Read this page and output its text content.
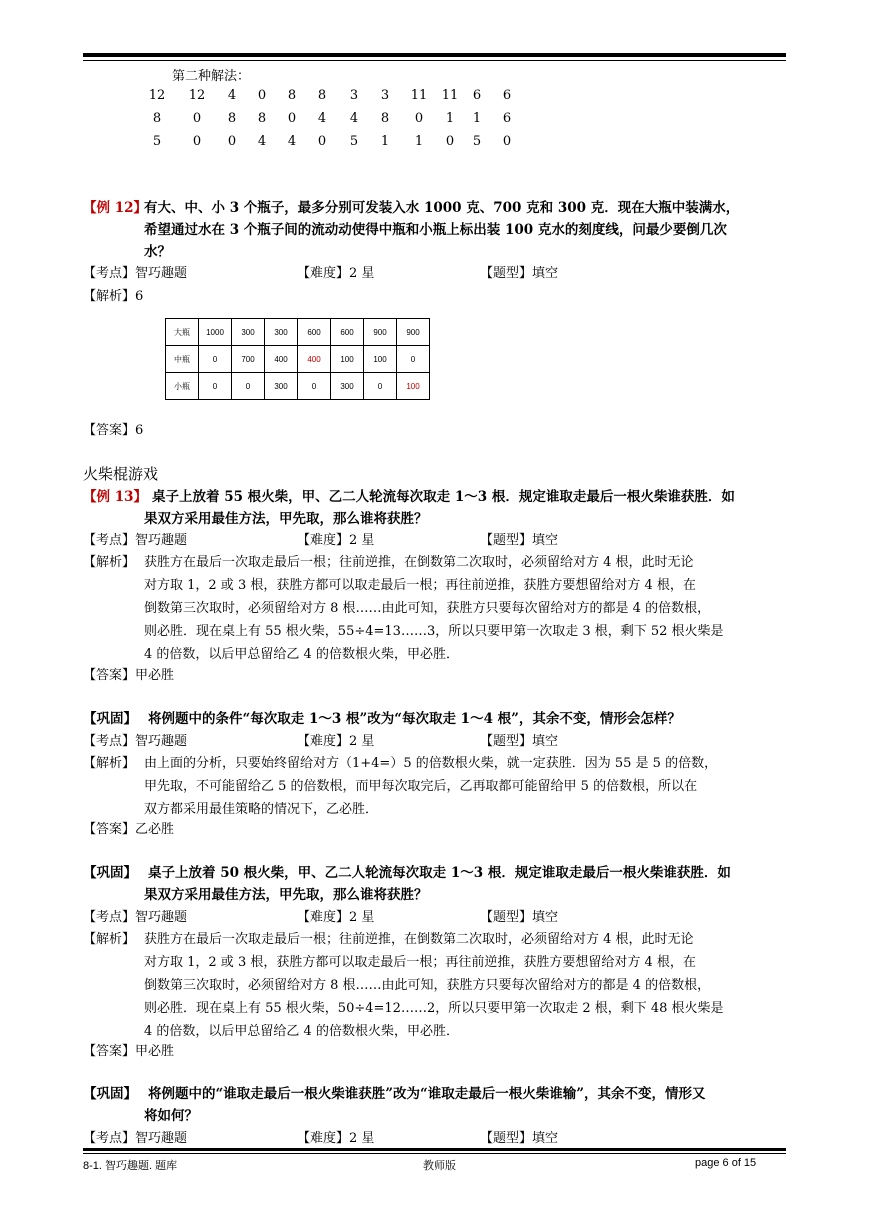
第二种解法：
12	12	4	0	8	8	3	3	11	11	6	6
8	0	8	8	0	4	4	8	0	1	1	6
5	0	0	4	4	0	5	1	1	0	5	0
【例 12】
有大、中、小 3 个瓶子，最多分别可发装入水 1000 克、700 克和 300 克．现在大瓶中装满水，
希望通过水在 3 个瓶子间的流动动使得中瓶和小瓶上标出装 100 克水的刻度线，问最少要倒几次
水？
【考点】智巧趣题	【难度】2 星	【题型】填空
【解析】6
大瓶	1000	300	300	600	600	900	900
中瓶	0	700	400	400	100	100	0
小瓶	0	0	300	0	300	0	100
【答案】6
火柴棍游戏
【例 13】 桌子上放着 55 根火柴，甲、乙二人轮流每次取走 1～3 根．规定谁取走最后一根火柴谁获胜．如
果双方采用最佳方法，甲先取，那么谁将获胜？
【考点】智巧趣题	【难度】2 星	【题型】填空
【解析】 获胜方在最后一次取走最后一根；往前逆推，在倒数第二次取时，必须留给对方 4 根，此时无论
对方取 1，2 或 3 根，获胜方都可以取走最后一根；再往前逆推，获胜方要想留给对方 4 根，在
倒数第三次取时，必须留给对方 8 根……由此可知，获胜方只要每次留给对方的都是 4 的倍数根，
则必胜．现在桌上有 55 根火柴，55÷4=13……3，所以只要甲第一次取走 3 根，剩下 52 根火柴是
4 的倍数，以后甲总留给乙 4 的倍数根火柴，甲必胜．
【答案】甲必胜
【巩固】 将例题中的条件“每次取走 1～3 根”改为“每次取走 1～4 根”，其余不变，情形会怎样？
【考点】智巧趣题	【难度】2 星	【题型】填空
【解析】 由上面的分析，只要始终留给对方（1+4=）5 的倍数根火柴，就一定获胜．因为 55 是 5 的倍数，
甲先取，不可能留给乙 5 的倍数根，而甲每次取完后，乙再取都可能留给甲 5 的倍数根，所以在
双方都采用最佳策略的情况下，乙必胜．
【答案】乙必胜
【巩固】 桌子上放着 50 根火柴，甲、乙二人轮流每次取走 1～3 根．规定谁取走最后一根火柴谁获胜．如
果双方采用最佳方法，甲先取，那么谁将获胜？
【考点】智巧趣题	【难度】2 星	【题型】填空
【解析】 获胜方在最后一次取走最后一根；往前逆推，在倒数第二次取时，必须留给对方 4 根，此时无论
对方取 1，2 或 3 根，获胜方都可以取走最后一根；再往前逆推，获胜方要想留给对方 4 根，在
倒数第三次取时，必须留给对方 8 根……由此可知，获胜方只要每次留给对方的都是 4 的倍数根，
则必胜．现在桌上有 55 根火柴，50÷4=12……2，所以只要甲第一次取走 2 根，剩下 48 根火柴是
4 的倍数，以后甲总留给乙 4 的倍数根火柴，甲必胜．
【答案】甲必胜
【巩固】 将例题中的“谁取走最后一根火柴谁获胜”改为“谁取走最后一根火柴谁输”，其余不变，情形又
将如何？
【考点】智巧趣题	【难度】2 星	【题型】填空
8-1. 智巧趣题. 题库	教师版	page 6 of 15
